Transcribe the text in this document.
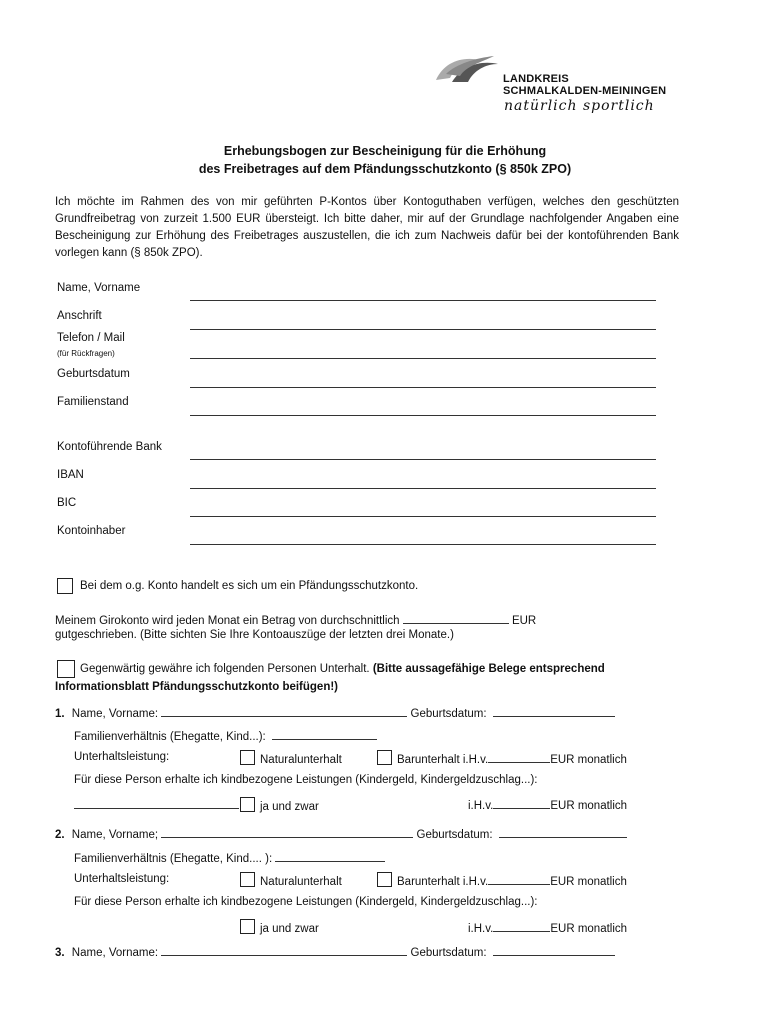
LANDKREIS
SCHMALKALDEN-MEININGEN
natürlich sportlich
Erhebungsbogen zur Bescheinigung für die Erhöhung
des Freibetrages auf dem Pfändungsschutzkonto (§ 850k ZPO)
Ich möchte im Rahmen des von mir geführten P-Kontos über Kontoguthaben verfügen, welches den geschützten Grundfreibetrag von zurzeit 1.500 EUR übersteigt. Ich bitte daher, mir auf der Grundlage nachfolgender Angaben eine Bescheinigung zur Erhöhung des Freibetrages auszustellen, die ich zum Nachweis dafür bei der kontoführenden Bank vorlegen kann (§ 850k ZPO).
Name, Vorname
Anschrift
Telefon / Mail
(für Rückfragen)
Geburtsdatum
Familienstand
Kontoführende Bank
IBAN
BIC
Kontoinhaber
Bei dem o.g. Konto handelt es sich um ein Pfändungsschutzkonto.
Meinem Girokonto wird jeden Monat ein Betrag von durchschnittlich	EUR
gutgeschrieben. (Bitte sichten Sie Ihre Kontoauszüge der letzten drei Monate.)
Gegenwärtig gewähre ich folgenden Personen Unterhalt. (Bitte aussagefähige Belege entsprechend
Informationsblatt Pfändungsschutzkonto beifügen!)
1. Name, Vorname:	Geburtsdatum:
Familienverhältnis (Ehegatte, Kind...):
Unterhaltsleistung:	Naturalunterhalt	Barunterhalt i.H.v.	EUR monatlich
Für diese Person erhalte ich kindbezogene Leistungen (Kindergeld, Kindergeldzuschlag...):
ja und zwar	i.H.v.	EUR monatlich
2. Name, Vorname;	Geburtsdatum:
Familienverhältnis (Ehegatte, Kind.... ):
Unterhaltsleistung:	Naturalunterhalt	Barunterhalt i.H.v.	EUR monatlich
Für diese Person erhalte ich kindbezogene Leistungen (Kindergeld, Kindergeldzuschlag...):
ja und zwar	i.H.v.	EUR monatlich
3. Name, Vorname:	Geburtsdatum:
